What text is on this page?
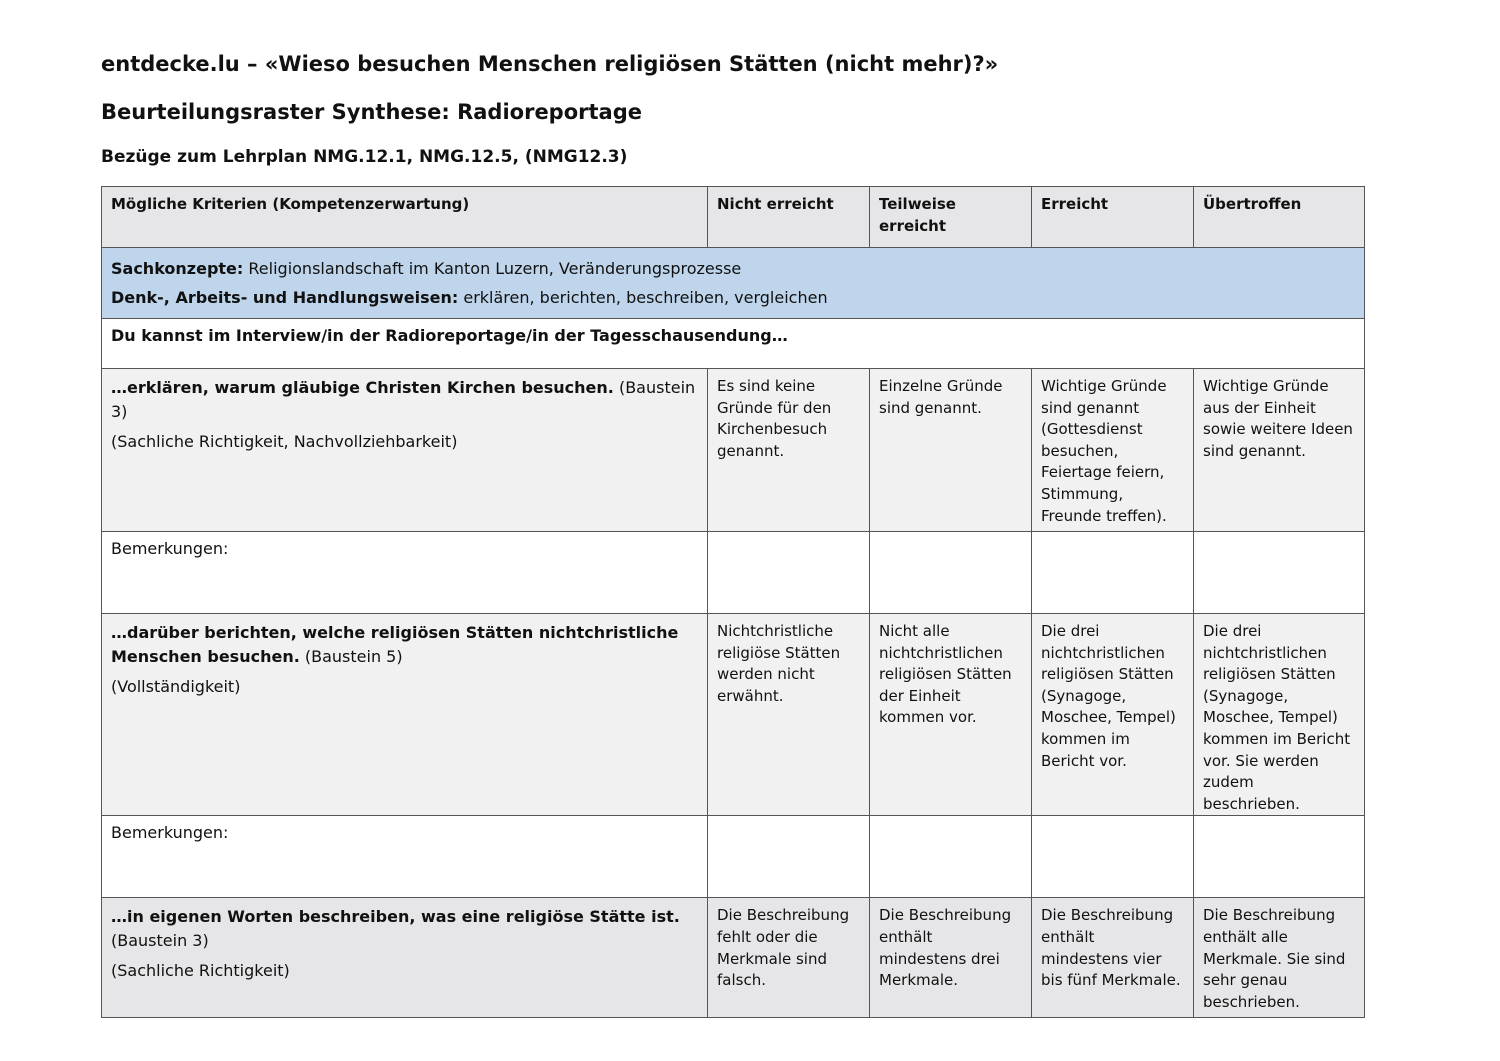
entdecke.lu – «Wieso besuchen Menschen religiösen Stätten (nicht mehr)?»
Beurteilungsraster Synthese: Radioreportage
Bezüge zum Lehrplan NMG.12.1, NMG.12.5, (NMG12.3)
Mögliche Kriterien (Kompetenzerwartung)	Nicht erreicht	Teilweise erreicht	Erreicht	Übertroffen
Sachkonzepte: Religionslandschaft im Kanton Luzern, Veränderungsprozesse
Denk-, Arbeits- und Handlungsweisen: erklären, berichten, beschreiben, vergleichen				
Du kannst im Interview/in der Radioreportage/in der Tagesschausendung…				
…erklären, warum gläubige Christen Kirchen besuchen. (Baustein 3)
(Sachliche Richtigkeit, Nachvollziehbarkeit)	Es sind keine Gründe für den Kirchenbesuch genannt.	Einzelne Gründe sind genannt.	Wichtige Gründe sind genannt (Gottesdienst besuchen, Feiertage feiern, Stimmung, Freunde treffen).	Wichtige Gründe aus der Einheit sowie weitere Ideen sind genannt.
Bemerkungen:				
…darüber berichten, welche religiösen Stätten nichtchristliche Menschen besuchen. (Baustein 5)
(Vollständigkeit)	Nichtchristliche religiöse Stätten werden nicht erwähnt.	Nicht alle nichtchristlichen religiösen Stätten der Einheit kommen vor.	Die drei nichtchristlichen religiösen Stätten (Synagoge, Moschee, Tempel) kommen im Bericht vor.	Die drei nichtchristlichen religiösen Stätten (Synagoge, Moschee, Tempel) kommen im Bericht vor. Sie werden zudem beschrieben.
Bemerkungen:				
…in eigenen Worten beschreiben, was eine religiöse Stätte ist. (Baustein 3)
(Sachliche Richtigkeit)	Die Beschreibung fehlt oder die Merkmale sind falsch.	Die Beschreibung enthält mindestens drei Merkmale.	Die Beschreibung enthält mindestens vier bis fünf Merkmale.	Die Beschreibung enthält alle Merkmale. Sie sind sehr genau beschrieben.
